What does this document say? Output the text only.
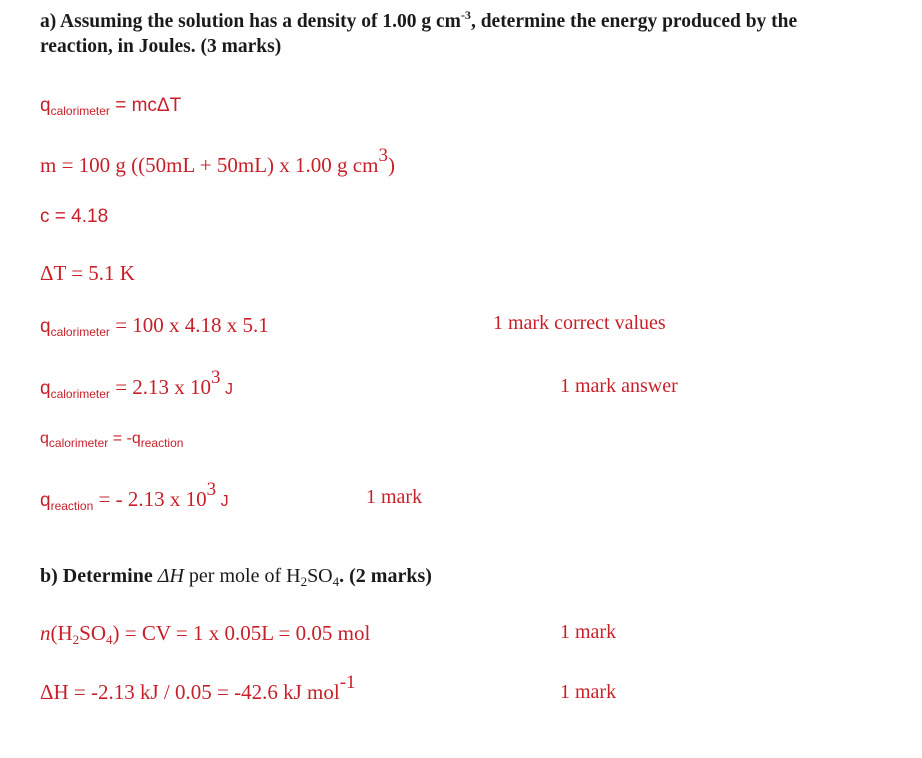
a) Assuming the solution has a density of 1.00 g $cm^{-3}$, determine the energy produced by the
reaction, in Joules. (3 marks)
qcalorimeter = mcΔT
m = 100 g ((50mL + 50mL) x 1.00 g cm3)
c = 4.18
ΔT = 5.1 K
qcalorimeter = 100 x 4.18 x 5.1	1 mark correct values
qcalorimeter = 2.13 x 103 J	1 mark answer
$q_{calorimeter} = -q_{reaction}$
qreaction = - 2.13 x 103 J	1 mark
b) Determine ΔH per mole of $H_2SO_4$. (2 marks)
n(H2SO4) = CV = 1 x 0.05L = 0.05 mol	1 mark
ΔH = -2.13 kJ / 0.05 = -42.6 kJ mol-1	1 mark
